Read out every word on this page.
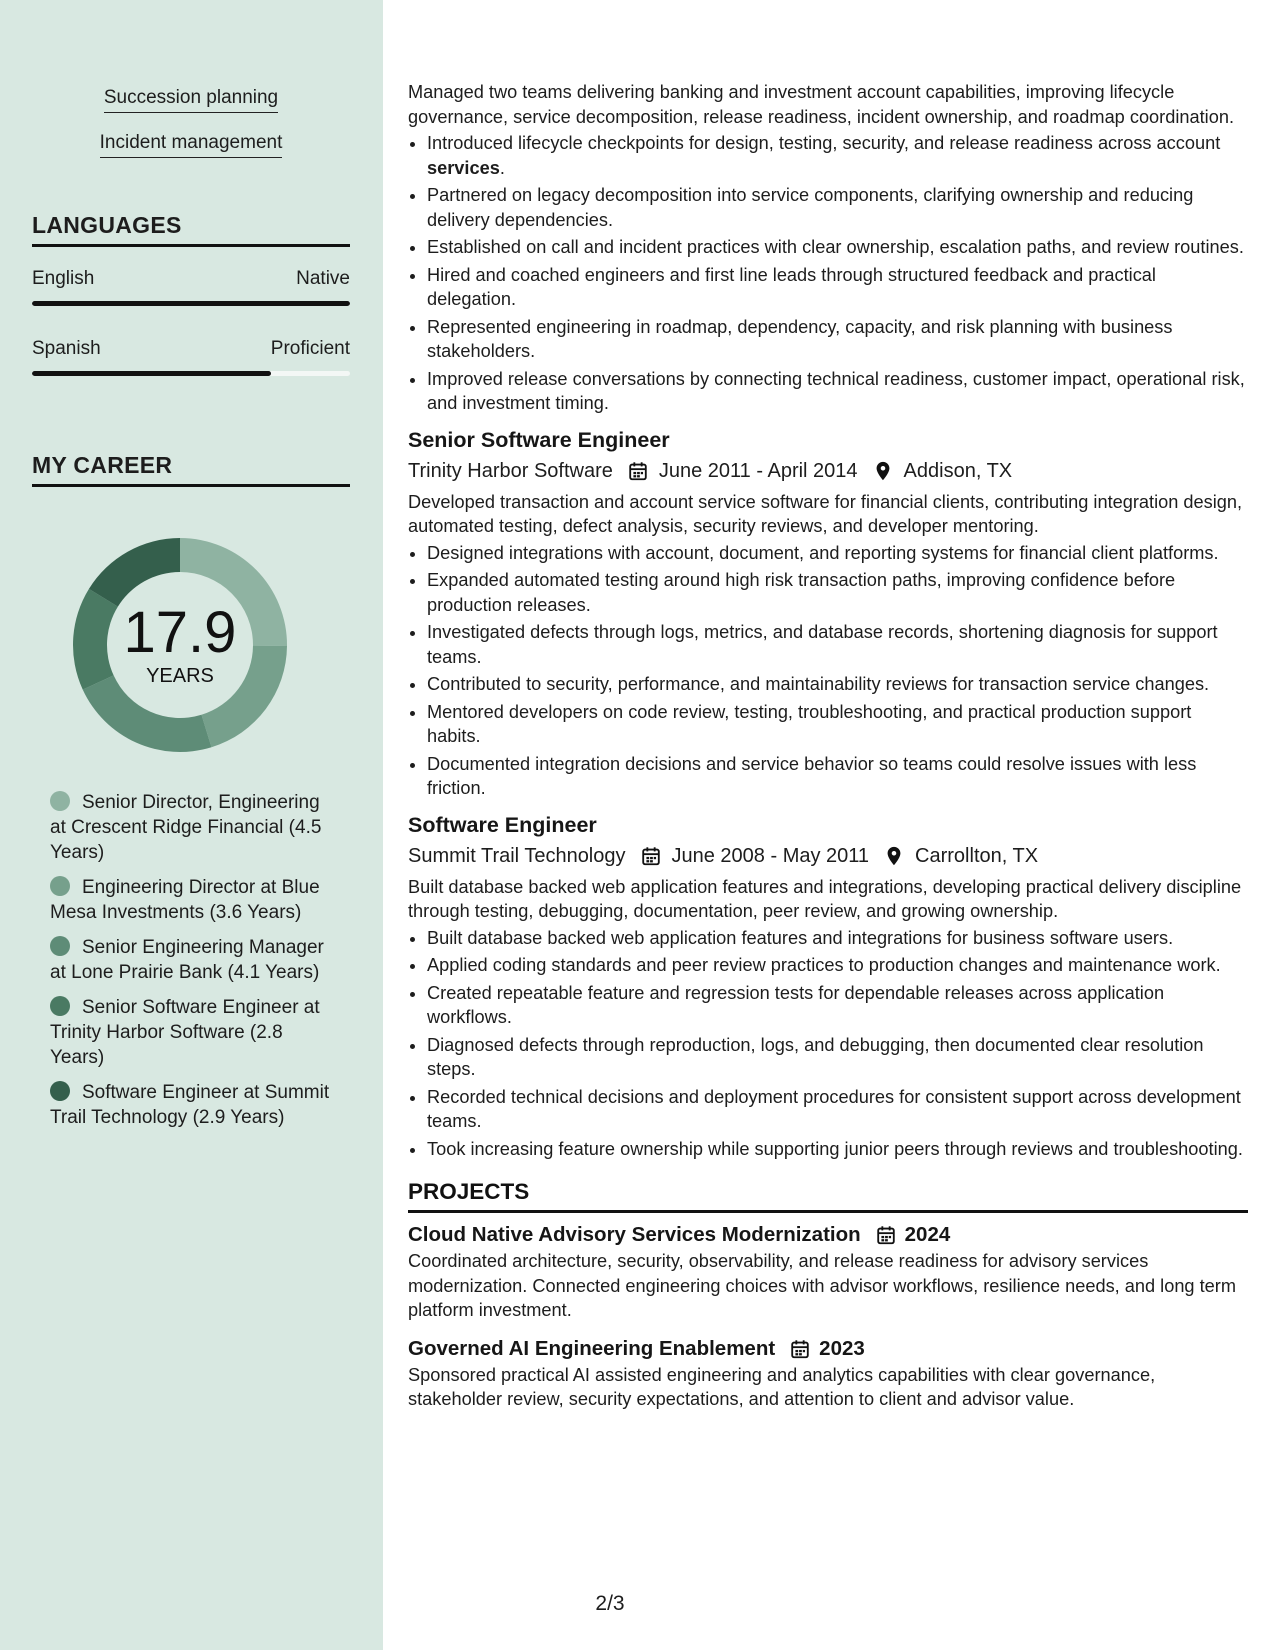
Succession planning
Incident management
LANGUAGES
English	Native
Spanish	Proficient
MY CAREER
17.9
YEARS
Senior Director, Engineering at Crescent Ridge Financial (4.5 Years)
Engineering Director at Blue Mesa Investments (3.6 Years)
Senior Engineering Manager at Lone Prairie Bank (4.1 Years)
Senior Software Engineer at Trinity Harbor Software (2.8 Years)
Software Engineer at Summit Trail Technology (2.9 Years)

Managed two teams delivering banking and investment account capabilities, improving lifecycle governance, service decomposition, release readiness, incident ownership, and roadmap coordination.

• Introduced lifecycle checkpoints for design, testing, security, and release readiness across account services.
• Partnered on legacy decomposition into service components, clarifying ownership and reducing delivery dependencies.
• Established on call and incident practices with clear ownership, escalation paths, and review routines.
• Hired and coached engineers and first line leads through structured feedback and practical delegation.
• Represented engineering in roadmap, dependency, capacity, and risk planning with business stakeholders.
• Improved release conversations by connecting technical readiness, customer impact, operational risk, and investment timing.
Senior Software Engineer
Trinity Harbor Software June 2011 - April 2014 Addison, TX

Developed transaction and account service software for financial clients, contributing integration design, automated testing, defect analysis, security reviews, and developer mentoring.

• Designed integrations with account, document, and reporting systems for financial client platforms.
• Expanded automated testing around high risk transaction paths, improving confidence before production releases.
• Investigated defects through logs, metrics, and database records, shortening diagnosis for support teams.
• Contributed to security, performance, and maintainability reviews for transaction service changes.
• Mentored developers on code review, testing, troubleshooting, and practical production support habits.
• Documented integration decisions and service behavior so teams could resolve issues with less friction.
Software Engineer
Summit Trail Technology June 2008 - May 2011 Carrollton, TX

Built database backed web application features and integrations, developing practical delivery discipline through testing, debugging, documentation, peer review, and growing ownership.

• Built database backed web application features and integrations for business software users.
• Applied coding standards and peer review practices to production changes and maintenance work.
• Created repeatable feature and regression tests for dependable releases across application workflows.
• Diagnosed defects through reproduction, logs, and debugging, then documented clear resolution steps.
• Recorded technical decisions and deployment procedures for consistent support across development teams.
• Took increasing feature ownership while supporting junior peers through reviews and troubleshooting.
PROJECTS
Cloud Native Advisory Services Modernization 2024

Coordinated architecture, security, observability, and release readiness for advisory services modernization. Connected engineering choices with advisor workflows, resilience needs, and long term platform investment.

Governed AI Engineering Enablement 2023

Sponsored practical AI assisted engineering and analytics capabilities with clear governance, stakeholder review, security expectations, and attention to client and advisor value.

2/3
